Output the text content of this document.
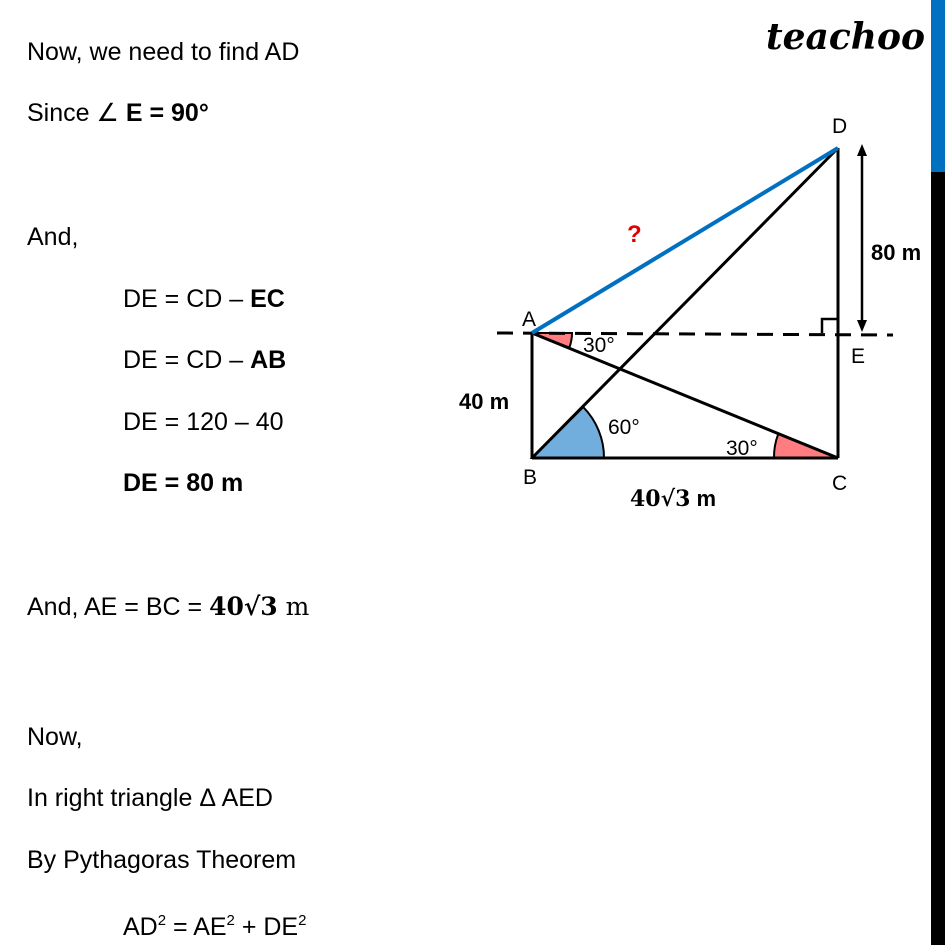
teachoo
Now, we need to find AD
Since ∠ E = 90°
And,
DE = CD – EC
DE = CD – AB
DE = 120 – 40
DE = 80 m
And, AE = BC = 40√3 m
Now,
In right triangle Δ AED
By Pythagoras Theorem
$AD^2 = AE^2 + DE^2$
D
A
E
B	C
?
80 m
40 m
30°
60°
30°
40√3 m
